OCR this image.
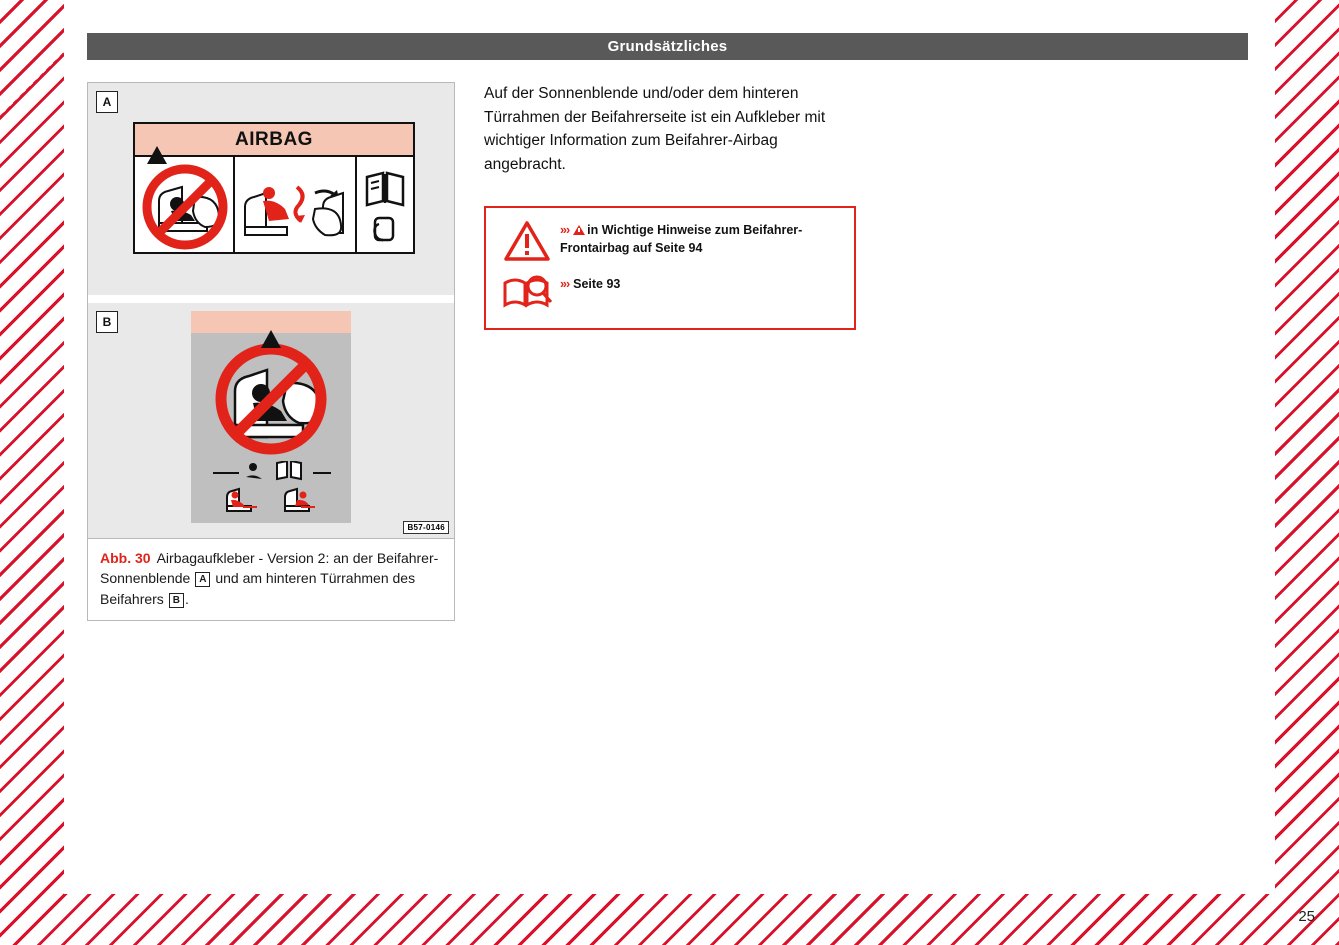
Grundsätzliches
A
!
AIRBAG
B
!
B57-0146
Abb. 30 Airbagaufkleber - Version 2: an der Beifahrer-Sonnenblende A und am hinteren Türrahmen des Beifahrers B .

Auf der Sonnenblende und/oder dem hinteren Türrahmen der Beifahrerseite ist ein Aufkleber mit wichtiger Information zum Beifahrer-Airbag angebracht.

»› in Wichtige Hinweise zum Beifahrer-Frontairbag auf Seite 94
»› Seite 93
25
